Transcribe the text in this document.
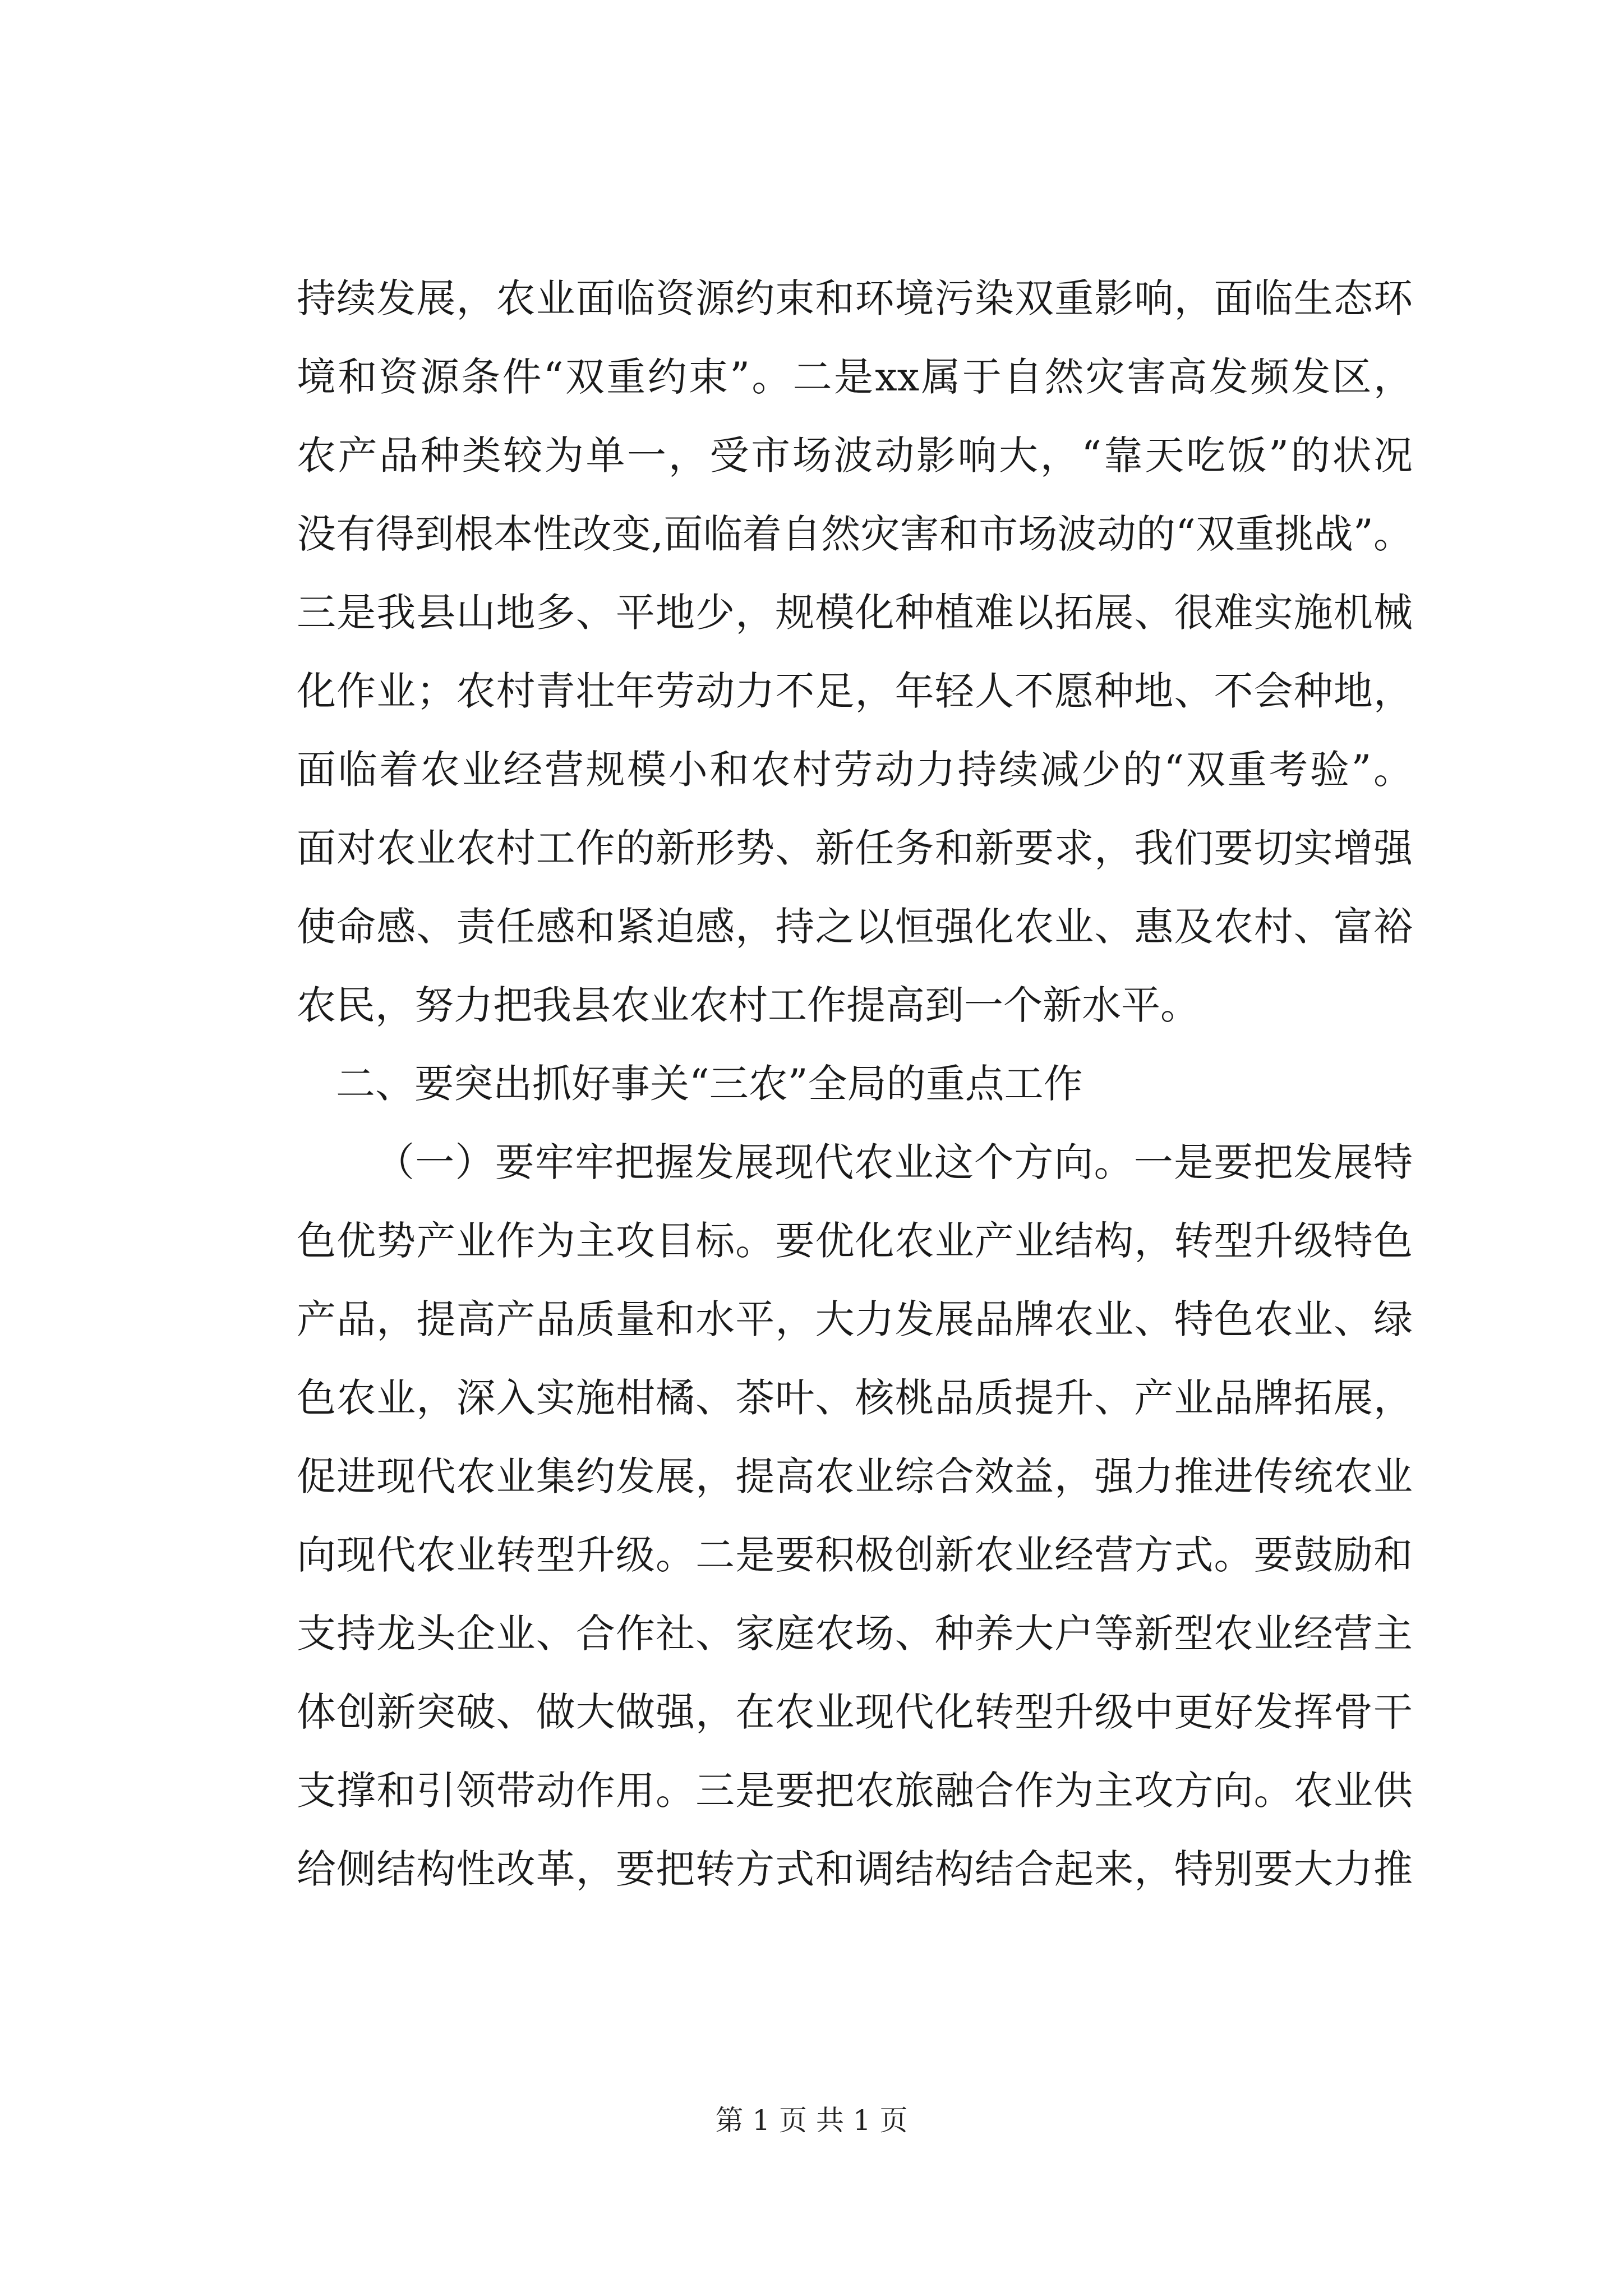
持续发展，农业面临资源约束和环境污染双重影响，面临生态环
境和资源条件“双重约束”。二是xx属于自然灾害高发频发区，
农产品种类较为单一，受市场波动影响大，“靠天吃饭”的状况
没有得到根本性改变,面临着自然灾害和市场波动的“双重挑战”。
三是我县山地多、平地少，规模化种植难以拓展、很难实施机械
化作业；农村青壮年劳动力不足，年轻人不愿种地、不会种地，
面临着农业经营规模小和农村劳动力持续减少的“双重考验”。
面对农业农村工作的新形势、新任务和新要求，我们要切实增强
使命感、责任感和紧迫感，持之以恒强化农业、惠及农村、富裕
农民，努力把我县农业农村工作提高到一个新水平。
二、要突出抓好事关“三农”全局的重点工作
（一）要牢牢把握发展现代农业这个方向。一是要把发展特
色优势产业作为主攻目标。要优化农业产业结构，转型升级特色
产品，提高产品质量和水平，大力发展品牌农业、特色农业、绿
色农业，深入实施柑橘、茶叶、核桃品质提升、产业品牌拓展，
促进现代农业集约发展，提高农业综合效益，强力推进传统农业
向现代农业转型升级。二是要积极创新农业经营方式。要鼓励和
支持龙头企业、合作社、家庭农场、种养大户等新型农业经营主
体创新突破、做大做强，在农业现代化转型升级中更好发挥骨干
支撑和引领带动作用。三是要把农旅融合作为主攻方向。农业供
给侧结构性改革，要把转方式和调结构结合起来，特别要大力推
第 1 页 共 1 页
